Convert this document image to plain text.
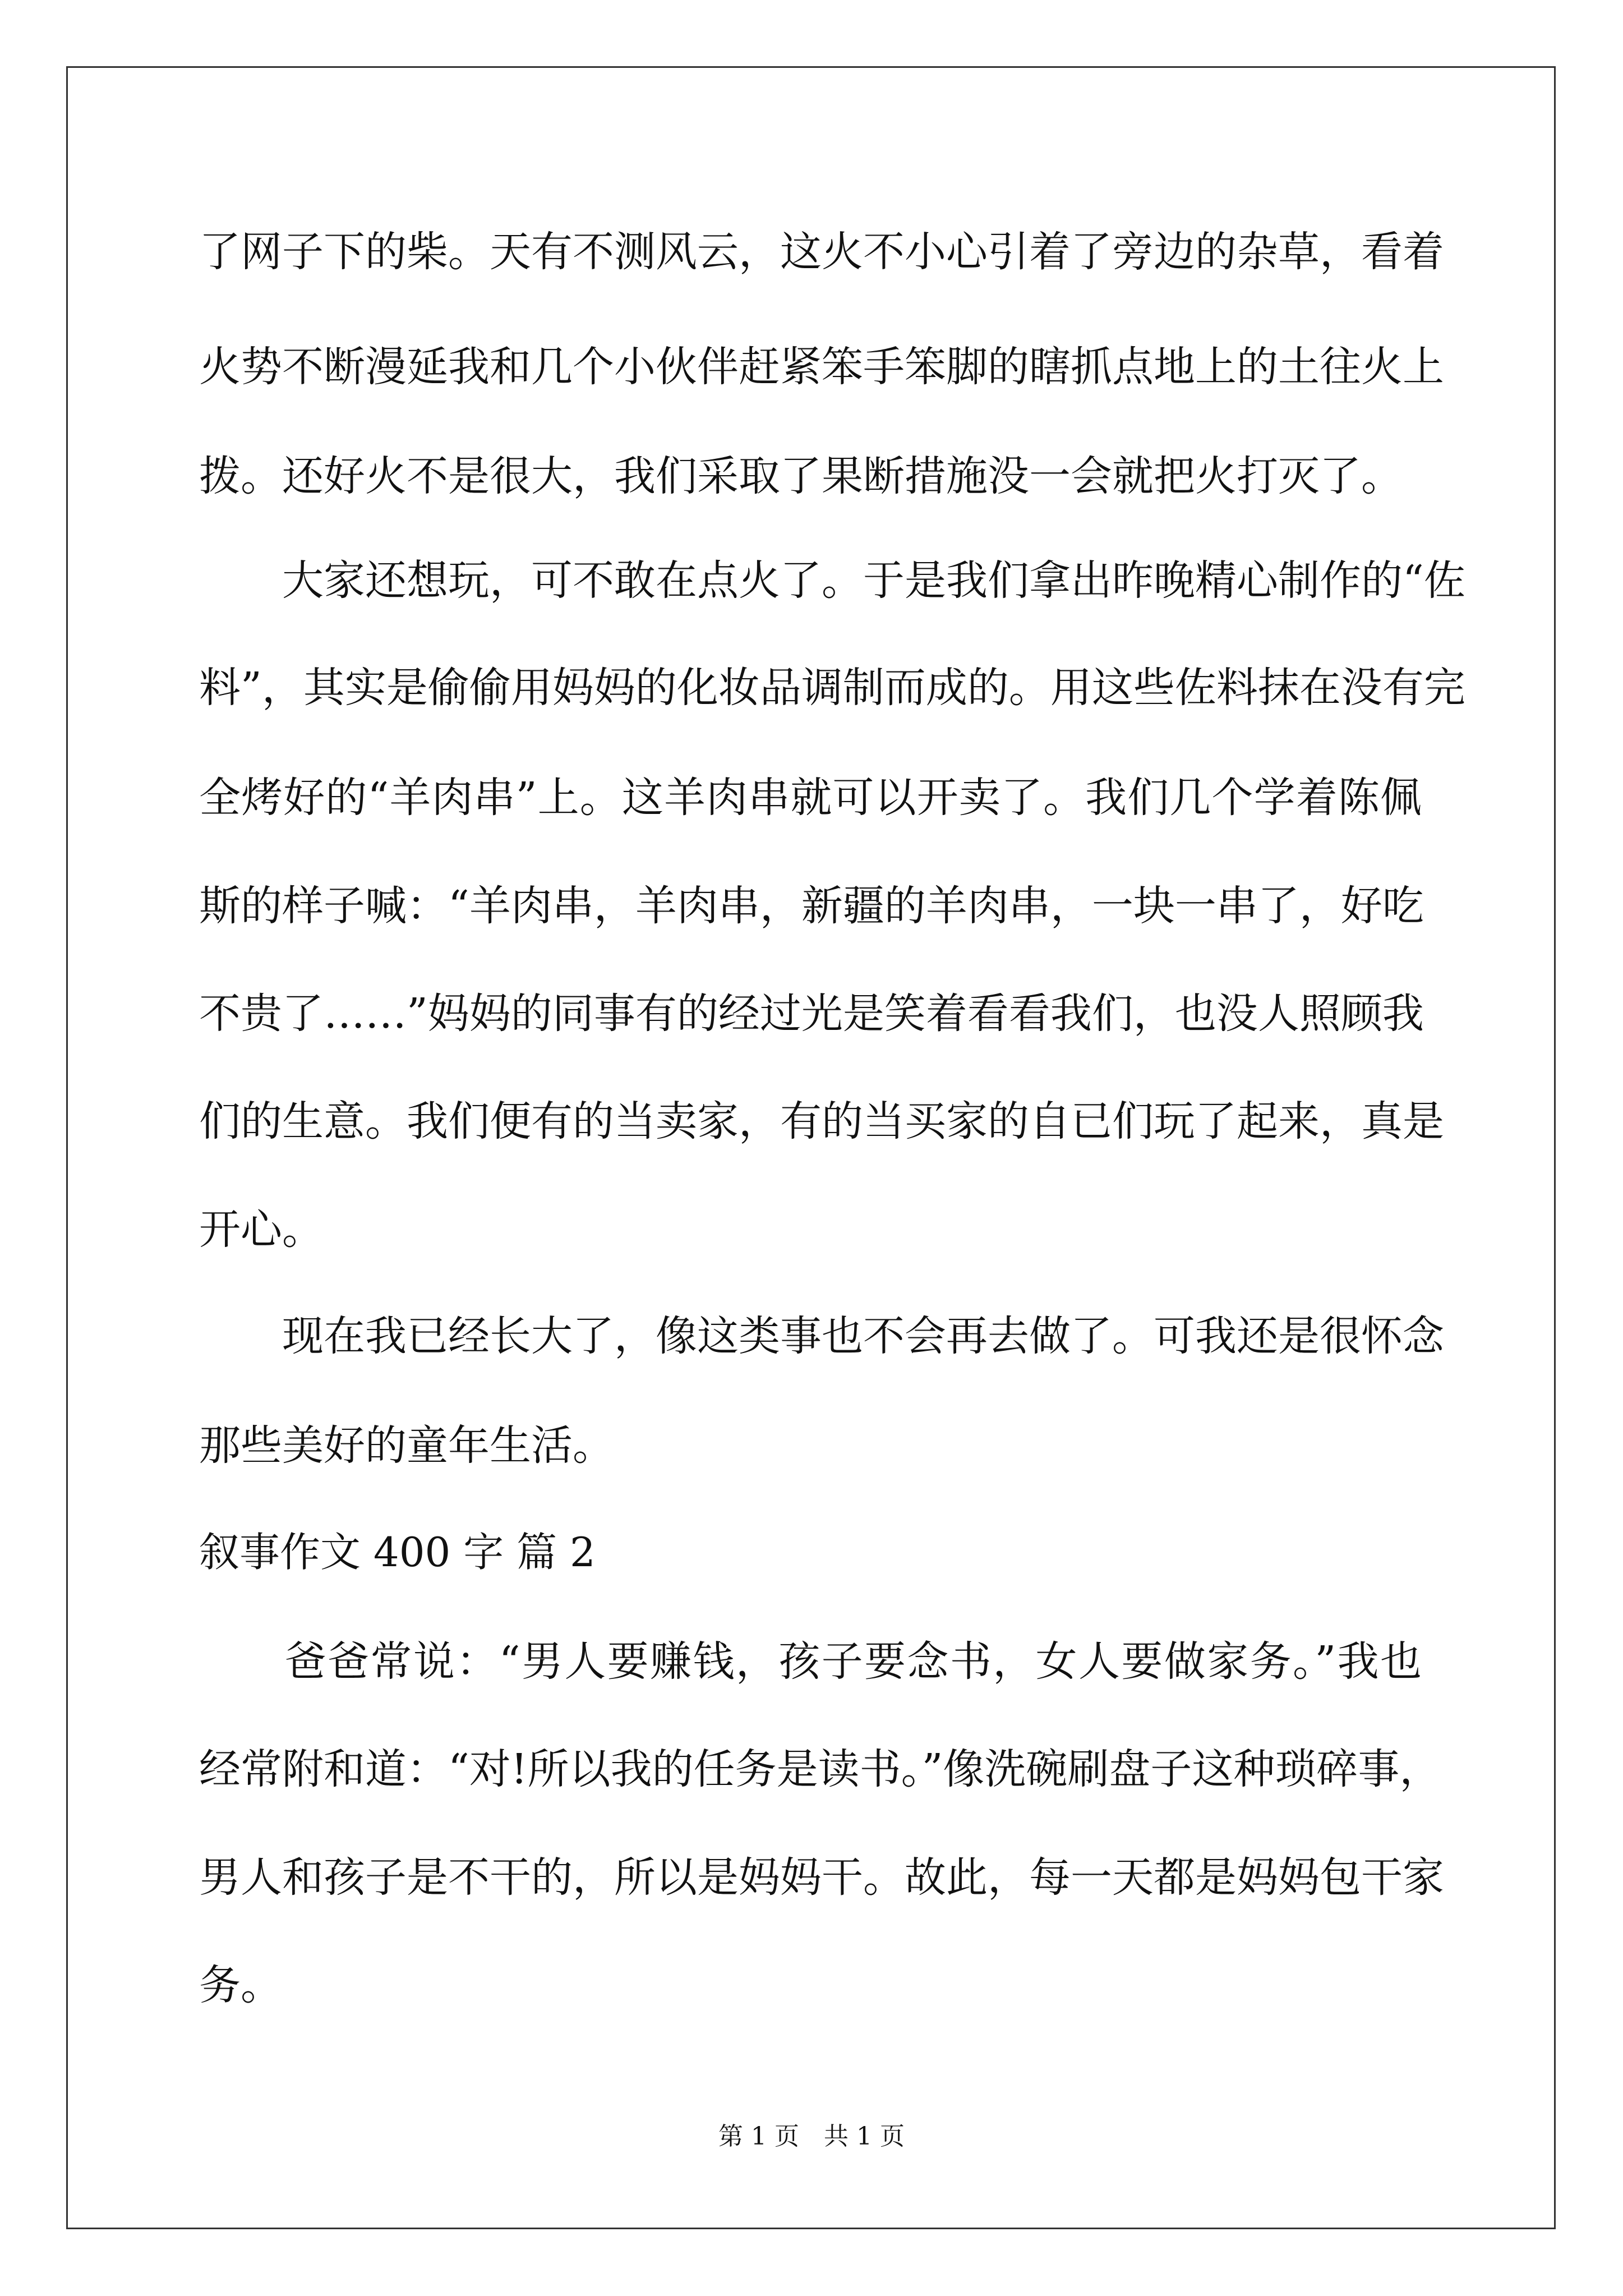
了网子下的柴。天有不测风云，这火不小心引着了旁边的杂草，看着
火势不断漫延我和几个小伙伴赶紧笨手笨脚的瞎抓点地上的土往火上
拨。还好火不是很大，我们采取了果断措施没一会就把火打灭了。
　　大家还想玩，可不敢在点火了。于是我们拿出昨晚精心制作的“佐
料”，其实是偷偷用妈妈的化妆品调制而成的。用这些佐料抹在没有完
全烤好的“羊肉串”上。这羊肉串就可以开卖了。我们几个学着陈佩
斯的样子喊：“羊肉串，羊肉串，新疆的羊肉串，一块一串了，好吃
不贵了……”妈妈的同事有的经过光是笑着看看我们，也没人照顾我
们的生意。我们便有的当卖家，有的当买家的自已们玩了起来，真是
开心。
　　现在我已经长大了，像这类事也不会再去做了。可我还是很怀念
那些美好的童年生活。
叙事作文 400 字 篇 2
　　爸爸常说：“男人要赚钱，孩子要念书，女人要做家务。”我也
经常附和道：“对!所以我的任务是读书。”像洗碗刷盘子这种琐碎事，
男人和孩子是不干的，所以是妈妈干。故此，每一天都是妈妈包干家
务。
第 1 页　共 1 页
